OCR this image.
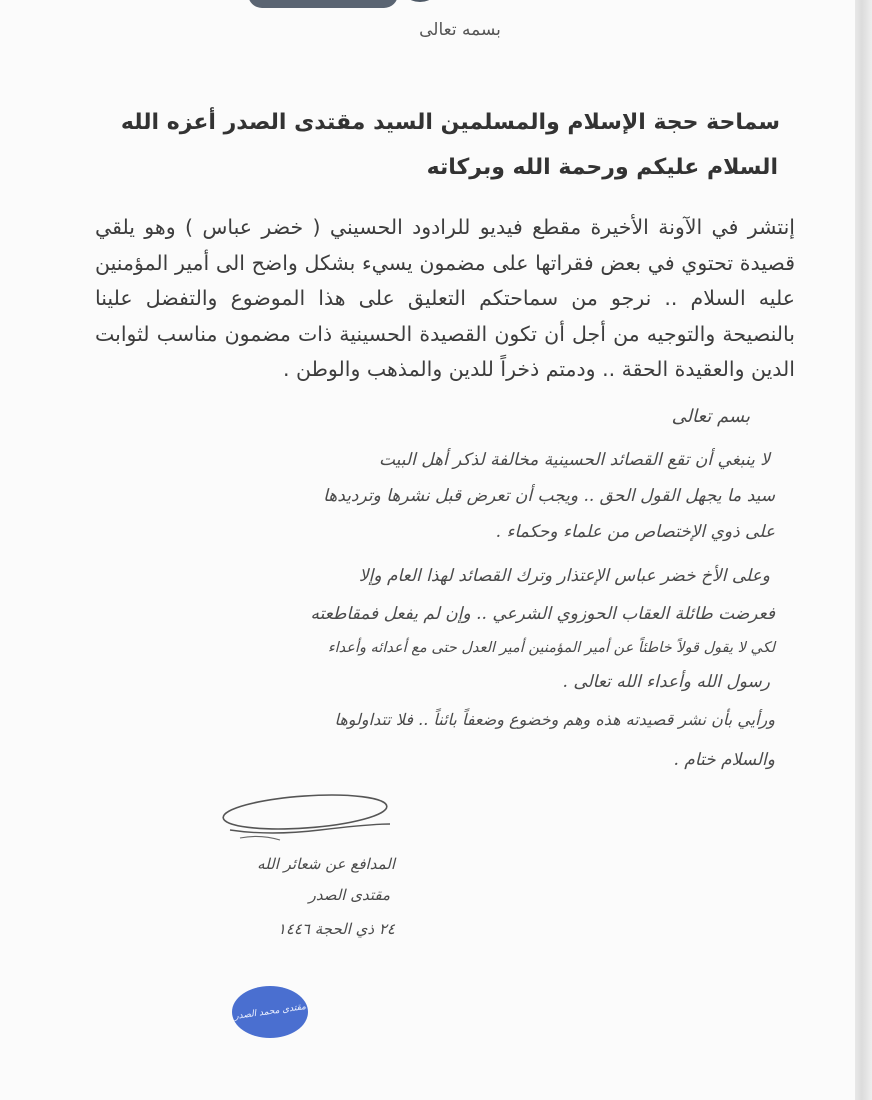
بسمه تعالى

سماحة حجة الإسلام والمسلمين السيد مقتدى الصدر أعزه الله

السلام عليكم ورحمة الله وبركاته

إنتشر في الآونة الأخيرة مقطع فيديو للرادود الحسيني ( خضر عباس ) وهو يلقي قصيدة تحتوي في بعض فقراتها على مضمون يسيء بشكل واضح الى أمير المؤمنين عليه السلام .. نرجو من سماحتكم التعليق على هذا الموضوع والتفضل علينا بالنصيحة والتوجيه من أجل أن تكون القصيدة الحسينية ذات مضمون مناسب لثوابت الدين والعقيدة الحقة .. ودمتم ذخراً للدين والمذهب والوطن .

بسم تعالى

لا ينبغي أن تقع القصائد الحسينية مخالفة لذكر أهل البيت

سيد ما يجهل القول الحق .. ويجب أن تعرض قبل نشرها وترديدها

على ذوي الإختصاص من علماء وحكماء .

وعلى الأخ خضر عباس الإعتذار وترك القصائد لهذا العام وإلا

فعرضت طائلة العقاب الحوزوي الشرعي .. وإن لم يفعل فمقاطعته

لكي لا يقول قولاً خاطئاً عن أمير المؤمنين أمير العدل حتى مع أعدائه وأعداء

رسول الله وأعداء الله تعالى .

ورأيي بأن نشر قصيدته هذه وهم وخضوع وضعفاً بائناً .. فلا تتداولوها

والسلام ختام .

المدافع عن شعائر الله

مقتدى الصدر

٢٤ ذي الحجة ١٤٤٦

مقتدى محمد الصدر
